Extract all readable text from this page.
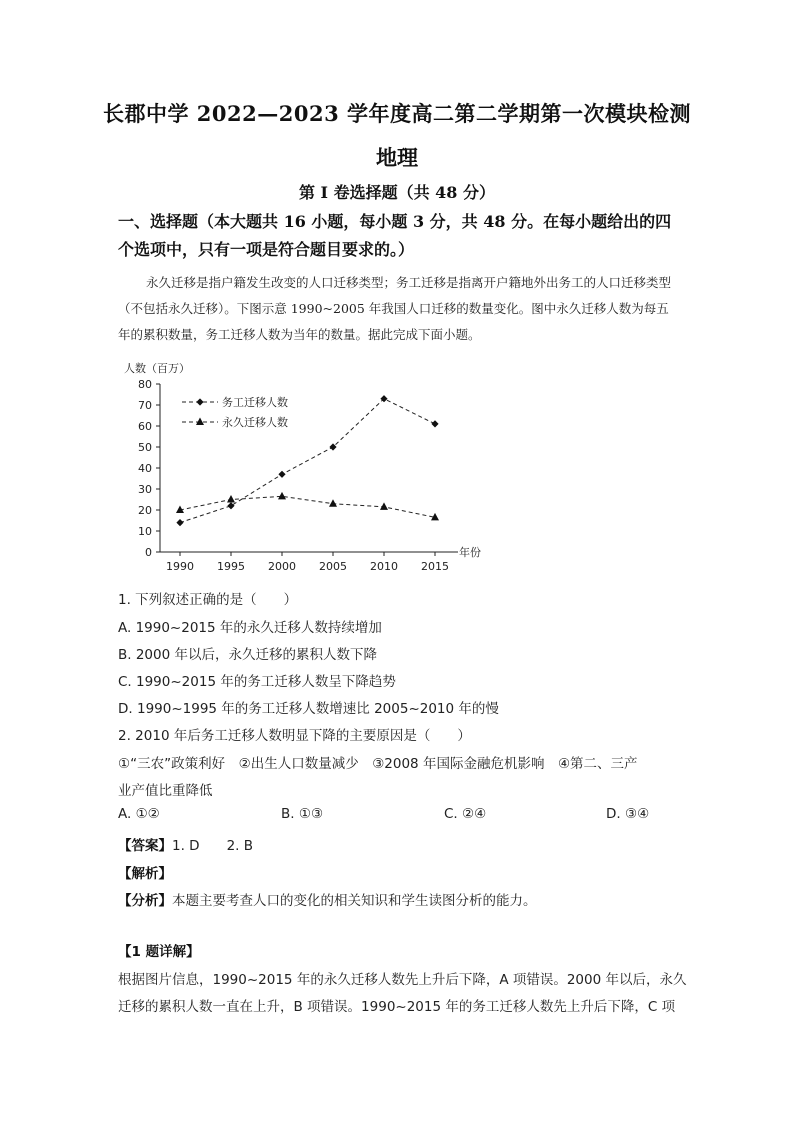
长郡中学 2022—2023 学年度高二第二学期第一次模块检测
地理
第 I 卷选择题（共 48 分）
一、选择题（本大题共 16 小题，每小题 3 分，共 48 分。在每小题给出的四个选项中，只有一项是符合题目要求的。）
永久迁移是指户籍发生改变的人口迁移类型；务工迁移是指离开户籍地外出务工的人口迁移类型（不包括永久迁移）。下图示意 1990~2005 年我国人口迁移的数量变化。图中永久迁移人数为每五年的累积数量，务工迁移人数为当年的数量。据此完成下面小题。
人数（百万）
0
10
20
30
40
50
60
70
80
1990 1995 2000 2005 2010 2015
年份
务工迁移人数
永久迁移人数
1. 下列叙述正确的是（　　）
A. 1990~2015 年的永久迁移人数持续增加
B. 2000 年以后，永久迁移的累积人数下降
C. 1990~2015 年的务工迁移人数呈下降趋势
D. 1990~1995 年的务工迁移人数增速比 2005~2010 年的慢
2. 2010 年后务工迁移人数明显下降的主要原因是（　　）
①“三农”政策利好　②出生人口数量减少　③2008 年国际金融危机影响　④第二、三产
业产值比重降低
A. ①②	B. ①③	C. ②④	D. ③④
【答案】1. D　　2. B
【解析】
【分析】本题主要考查人口的变化的相关知识和学生读图分析的能力。
【1 题详解】
根据图片信息，1990~2015 年的永久迁移人数先上升后下降，A 项错误。2000 年以后，永久
迁移的累积人数一直在上升，B 项错误。1990~2015 年的务工迁移人数先上升后下降，C 项
